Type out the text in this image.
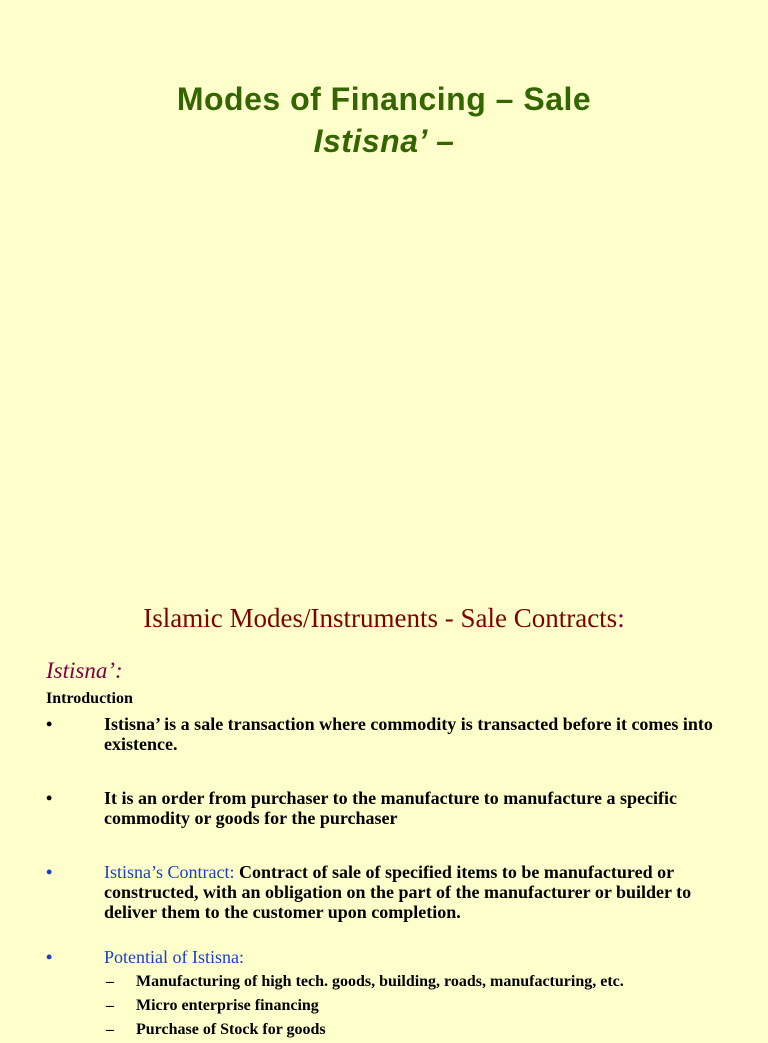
Modes of Financing – Sale
Istisna’ –
Islamic Modes/Instruments - Sale Contracts:
Istisna’:
Introduction
•	Istisna’ is a sale transaction where commodity is transacted before it comes into existence.
•	It is an order from purchaser to the manufacture to manufacture a specific commodity or goods for the purchaser
•	Istisna’s Contract: Contract of sale of specified items to be manufactured or constructed, with an obligation on the part of the manufacturer or builder to deliver them to the customer upon completion.
•	Potential of Istisna:
– Manufacturing of high tech. goods, building, roads, manufacturing, etc.
– Micro enterprise financing
– Purchase of Stock for goods
